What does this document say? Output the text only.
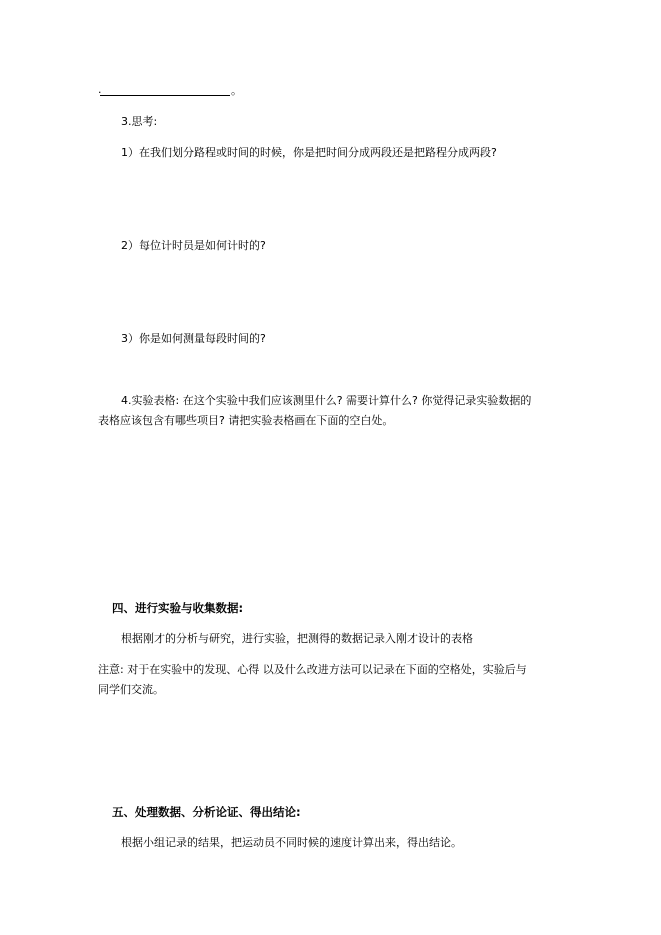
.	。
3.思考:
1）在我们划分路程或时间的时候，你是把时间分成两段还是把路程分成两段?
2）每位计时员是如何计时的?
3）你是如何测量每段时间的?
4.实验表格: 在这个实验中我们应该测里什么? 需要计算什么? 你觉得记录实验数据的
表格应该包含有哪些项目? 请把实验表格画在下面的空白处。
四、进行实验与收集数据:
根据刚才的分析与研究，进行实验，把测得的数据记录入刚才设计的表格
注意: 对于在实验中的发现、心得 以及什么改进方法可以记录在下面的空格处，实验后与
同学们交流。
五、处理数据、分析论证、得出结论:
根据小组记录的结果，把运动员不同时候的速度计算出来，得出结论。
